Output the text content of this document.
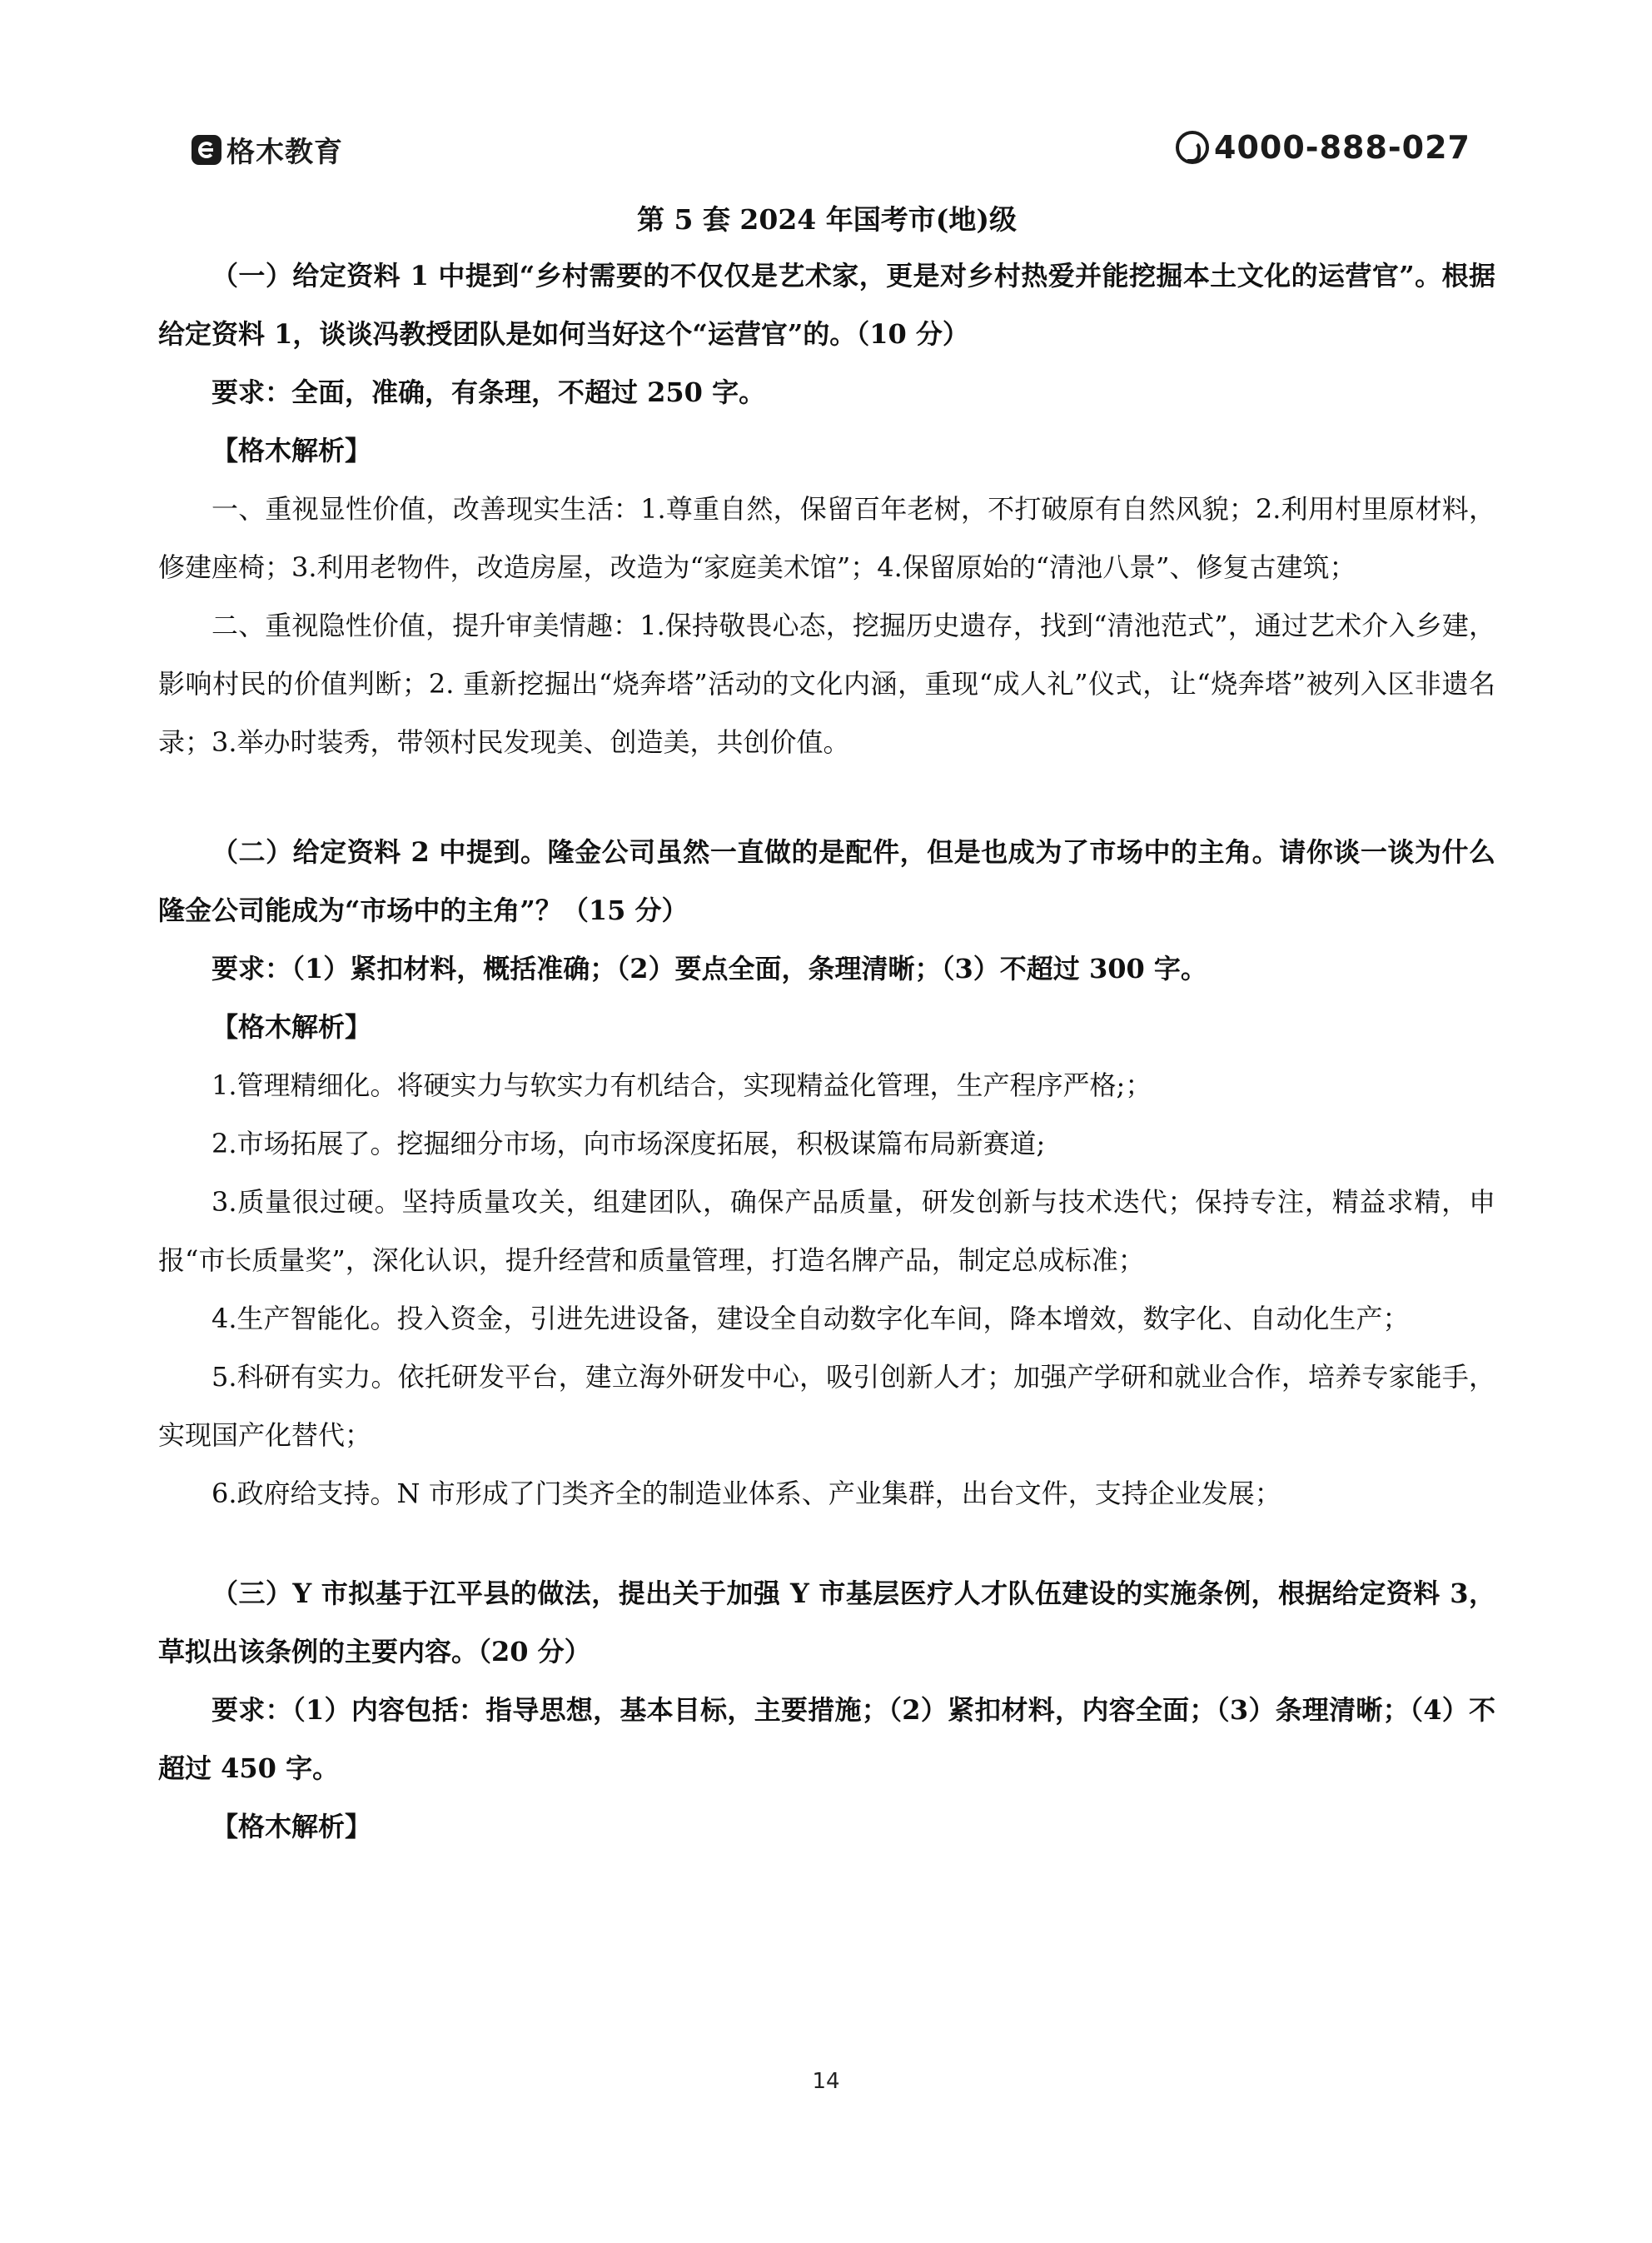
格木教育	4000-888-027
第 5 套 2024 年国考市(地)级

（一）给定资料 1 中提到“乡村需要的不仅仅是艺术家，更是对乡村热爱并能挖掘本土文化的运营官”。根据给定资料 1，谈谈冯教授团队是如何当好这个“运营官”的。（10 分）

要求：全面，准确，有条理，不超过 250 字。

【格木解析】

一、重视显性价值，改善现实生活：1.尊重自然，保留百年老树，不打破原有自然风貌；2.利用村里原材料，修建座椅；3.利用老物件，改造房屋，改造为“家庭美术馆”；4.保留原始的“清池八景”、修复古建筑；

二、重视隐性价值，提升审美情趣：1.保持敬畏心态，挖掘历史遗存，找到“清池范式”，通过艺术介入乡建，影响村民的价值判断；2. 重新挖掘出“烧奔塔”活动的文化内涵，重现“成人礼”仪式，让“烧奔塔”被列入区非遗名录；3.举办时装秀，带领村民发现美、创造美，共创价值。

（二）给定资料 2 中提到。隆金公司虽然一直做的是配件，但是也成为了市场中的主角。请你谈一谈为什么隆金公司能成为“市场中的主角”？（15 分）

要求：（1）紧扣材料，概括准确；（2）要点全面，条理清晰；（3）不超过 300 字。

【格木解析】

1.管理精细化。将硬实力与软实力有机结合，实现精益化管理，生产程序严格;；

2.市场拓展了。挖掘细分市场，向市场深度拓展，积极谋篇布局新赛道;

3.质量很过硬。坚持质量攻关，组建团队，确保产品质量，研发创新与技术迭代；保持专注，精益求精，申报“市长质量奖”，深化认识，提升经营和质量管理，打造名牌产品，制定总成标准；

4.生产智能化。投入资金，引进先进设备，建设全自动数字化车间，降本增效，数字化、自动化生产；

5.科研有实力。依托研发平台，建立海外研发中心，吸引创新人才；加强产学研和就业合作，培养专家能手，实现国产化替代；

6.政府给支持。N 市形成了门类齐全的制造业体系、产业集群，出台文件，支持企业发展；

（三）Y 市拟基于江平县的做法，提出关于加强 Y 市基层医疗人才队伍建设的实施条例，根据给定资料 3，草拟出该条例的主要内容。（20 分）

要求：（1）内容包括：指导思想，基本目标，主要措施；（2）紧扣材料，内容全面；（3）条理清晰；（4）不超过 450 字。

【格木解析】

14
